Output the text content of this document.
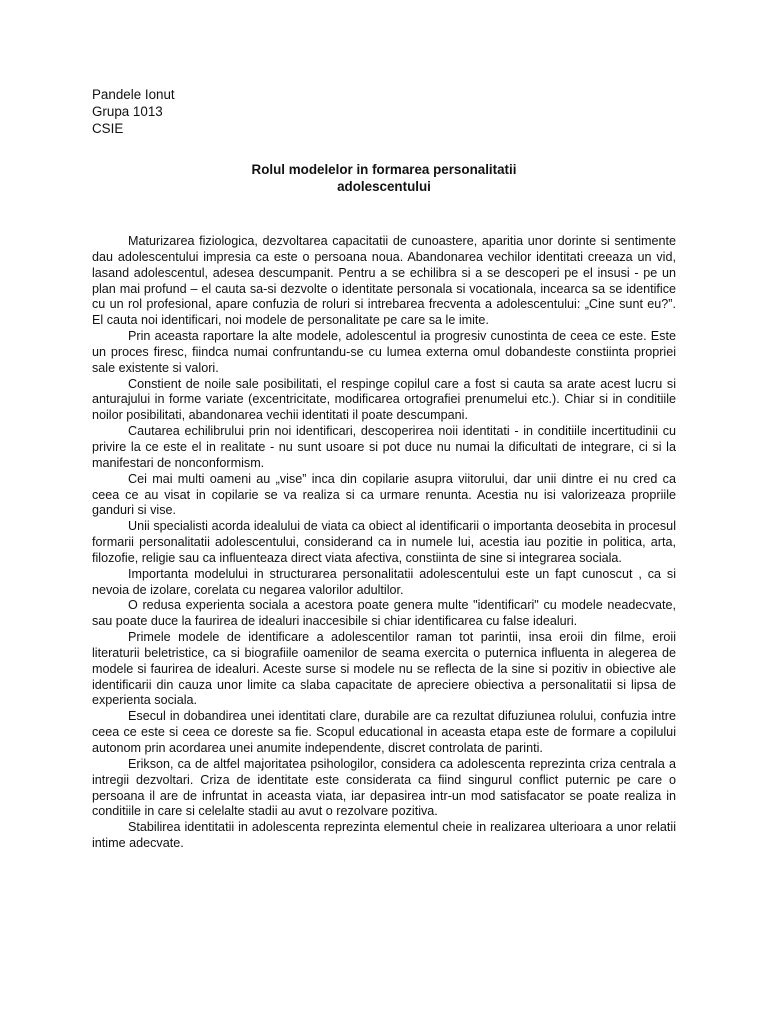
Pandele Ionut
Grupa 1013
CSIE
Rolul modelelor in formarea personalitatii
adolescentului

Maturizarea fiziologica, dezvoltarea capacitatii de cunoastere, aparitia unor dorinte si sentimente dau adolescentului impresia ca este o persoana noua. Abandonarea vechilor identitati creeaza un vid, lasand adolescentul, adesea descumpanit. Pentru a se echilibra si a se descoperi pe el insusi - pe un plan mai profund – el cauta sa-si dezvolte o identitate personala si vocationala, incearca sa se identifice cu un rol profesional, apare confuzia de roluri si intrebarea frecventa a adolescentului: „Cine sunt eu?”. El cauta noi identificari, noi modele de personalitate pe care sa le imite.

Prin aceasta raportare la alte modele, adolescentul ia progresiv cunostinta de ceea ce este. Este un proces firesc, fiindca numai confruntandu-se cu lumea externa omul dobandeste constiinta propriei sale existente si valori.

Constient de noile sale posibilitati, el respinge copilul care a fost si cauta sa arate acest lucru si anturajului in forme variate (excentricitate, modificarea ortografiei prenumelui etc.). Chiar si in conditiile noilor posibilitati, abandonarea vechii identitati il poate descumpani.

Cautarea echilibrului prin noi identificari, descoperirea noii identitati - in conditiile incertitudinii cu privire la ce este el in realitate - nu sunt usoare si pot duce nu numai la dificultati de integrare, ci si la manifestari de nonconformism.

Cei mai multi oameni au „vise” inca din copilarie asupra viitorului, dar unii dintre ei nu cred ca ceea ce au visat in copilarie se va realiza si ca urmare renunta. Acestia nu isi valorizeaza propriile ganduri si vise.

Unii specialisti acorda idealului de viata ca obiect al identificarii o importanta deosebita in procesul formarii personalitatii adolescentului, considerand ca in numele lui, acestia iau pozitie in politica, arta, filozofie, religie sau ca influenteaza direct viata afectiva, constiinta de sine si integrarea sociala.

Importanta modelului in structurarea personalitatii adolescentului este un fapt cunoscut , ca si nevoia de izolare, corelata cu negarea valorilor adultilor.

O redusa experienta sociala a acestora poate genera multe "identificari" cu modele neadecvate, sau poate duce la faurirea de idealuri inaccesibile si chiar identificarea cu false idealuri.

Primele modele de identificare a adolescentilor raman tot parintii, insa eroii din filme, eroii literaturii beletristice, ca si biografiile oamenilor de seama exercita o puternica influenta in alegerea de modele si faurirea de idealuri. Aceste surse si modele nu se reflecta de la sine si pozitiv in obiective ale identificarii din cauza unor limite ca slaba capacitate de apreciere obiectiva a personalitatii si lipsa de experienta sociala.

Esecul in dobandirea unei identitati clare, durabile are ca rezultat difuziunea rolului, confuzia intre ceea ce este si ceea ce doreste sa fie. Scopul educational in aceasta etapa este de formare a copilului autonom prin acordarea unei anumite independente, discret controlata de parinti.

Erikson, ca de altfel majoritatea psihologilor, considera ca adolescenta reprezinta criza centrala a intregii dezvoltari. Criza de identitate este considerata ca fiind singurul conflict puternic pe care o persoana il are de infruntat in aceasta viata, iar depasirea intr-un mod satisfacator se poate realiza in conditiile in care si celelalte stadii au avut o rezolvare pozitiva.

Stabilirea identitatii in adolescenta reprezinta elementul cheie in realizarea ulterioara a unor relatii intime adecvate.
